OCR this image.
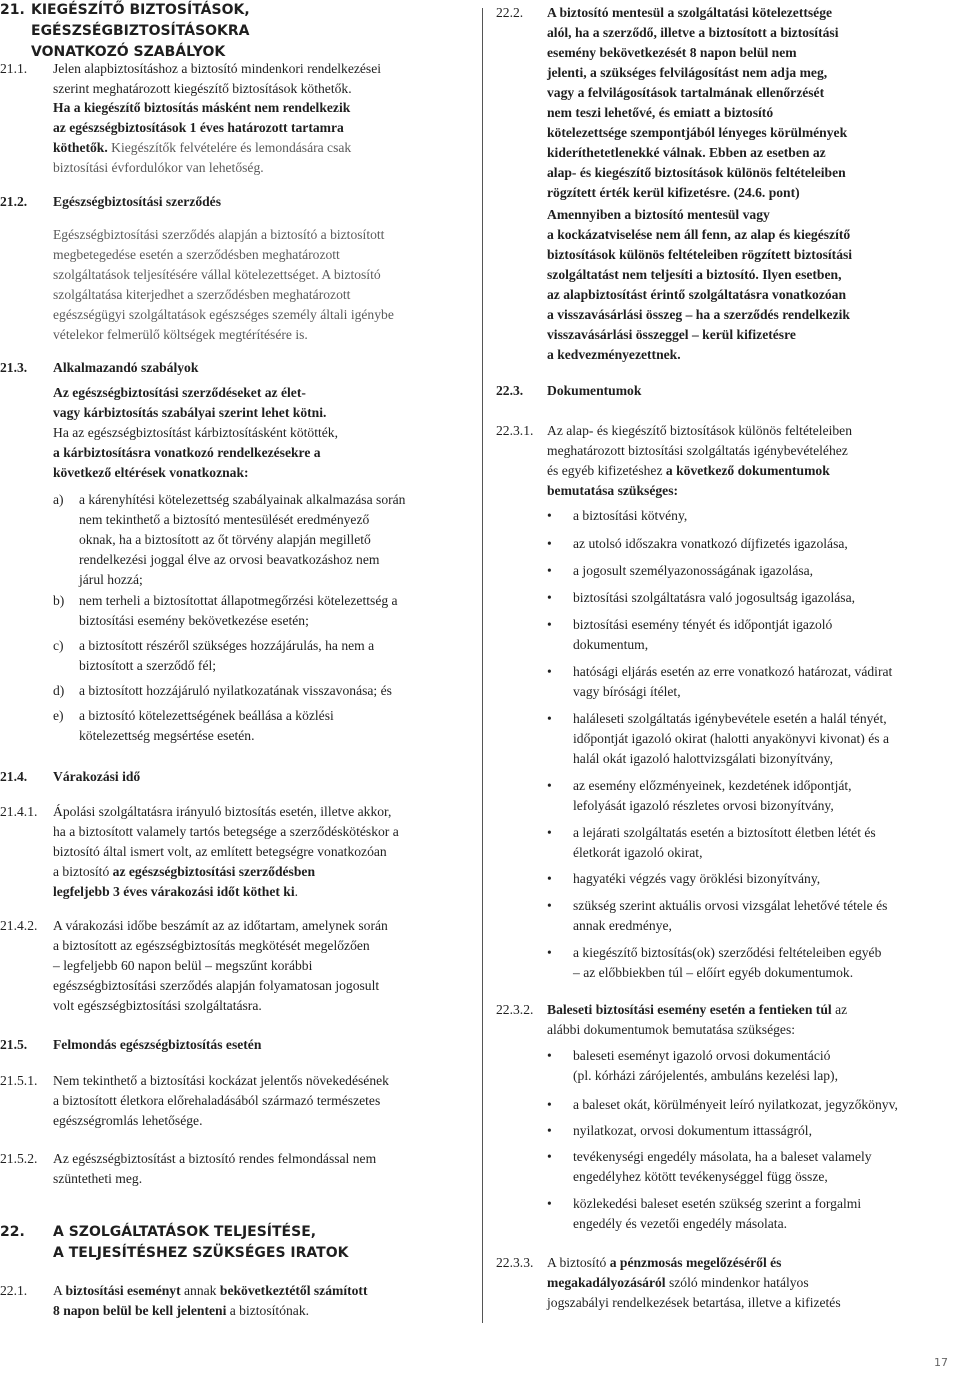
21. KIEGÉSZÍTŐ BIZTOSÍTÁSOK, EGÉSZSÉGBIZTOSÍTÁSOKRA
VONATKOZÓ SZABÁLYOK
21.1. Jelen alapbiztosításhoz a biztosító mindenkori rendelkezései
szerint meghatározott kiegészítő biztosítások köthetők.
Ha a kiegészítő biztosítás másként nem rendelkezik
az egészségbiztosítások 1 éves határozott tartamra
köthetők. Kiegészítők felvételére és lemondására csak
biztosítási évfordulókor van lehetőség.
21.2. Egészségbiztosítási szerződés
Egészségbiztosítási szerződés alapján a biztosító a biztosított
megbetegedése esetén a szerződésben meghatározott
szolgáltatások teljesítésére vállal kötelezettséget. A biztosító
szolgáltatása kiterjedhet a szerződésben meghatározott
egészségügyi szolgáltatások egészséges személy általi igénybe
vételekor felmerülő költségek megtérítésére is.
21.3. Alkalmazandó szabályok
Az egészségbiztosítási szerződéseket az élet-
vagy kárbiztosítás szabályai szerint lehet kötni.
Ha az egészségbiztosítást kárbiztosításként kötötték,
a kárbiztosításra vonatkozó rendelkezésekre a
következő eltérések vonatkoznak:
a) a kárenyhítési kötelezettség szabályainak alkalmazása során
nem tekinthető a biztosító mentesülését eredményező
oknak, ha a biztosított az őt törvény alapján megillető
rendelkezési joggal élve az orvosi beavatkozáshoz nem
járul hozzá;
b) nem terheli a biztosítottat állapotmegőrzési kötelezettség a
biztosítási esemény bekövetkezése esetén;
c) a biztosított részéről szükséges hozzájárulás, ha nem a
biztosított a szerződő fél;
d) a biztosított hozzájáruló nyilatkozatának visszavonása; és
e) a biztosító kötelezettségének beállása a közlési
kötelezettség megsértése esetén.
21.4. Várakozási idő
21.4.1. Ápolási szolgáltatásra irányuló biztosítás esetén, illetve akkor,
ha a biztosított valamely tartós betegsége a szerződéskötéskor a
biztosító által ismert volt, az említett betegségre vonatkozóan
a biztosító az egészségbiztosítási szerződésben
legfeljebb 3 éves várakozási időt köthet ki.
21.4.2. A várakozási időbe beszámít az az időtartam, amelynek során
a biztosított az egészségbiztosítás megkötését megelőzően
– legfeljebb 60 napon belül – megszűnt korábbi
egészségbiztosítási szerződés alapján folyamatosan jogosult
volt egészségbiztosítási szolgáltatásra.
21.5. Felmondás egészségbiztosítás esetén
21.5.1. Nem tekinthető a biztosítási kockázat jelentős növekedésének
a biztosított életkora előrehaladásából származó természetes
egészségromlás lehetősége.
21.5.2. Az egészségbiztosítást a biztosító rendes felmondással nem
szüntetheti meg.
22. A SZOLGÁLTATÁSOK TELJESÍTÉSE,
A TELJESÍTÉSHEZ SZÜKSÉGES IRATOK
22.1. A biztosítási eseményt annak bekövetkeztétől számított
8 napon belül be kell jelenteni a biztosítónak.
22.2. A biztosító mentesül a szolgáltatási kötelezettsége
alól, ha a szerződő, illetve a biztosított a biztosítási
esemény bekövetkezését 8 napon belül nem
jelenti, a szükséges felvilágosítást nem adja meg,
vagy a felvilágosítások tartalmának ellenőrzését
nem teszi lehetővé, és emiatt a biztosító
kötelezettsége szempontjából lényeges körülmények
kideríthetetlenekké válnak. Ebben az esetben az
alap- és kiegészítő biztosítások különös feltételeiben
rögzített érték kerül kifizetésre. (24.6. pont)
Amennyiben a biztosító mentesül vagy
a kockázatviselése nem áll fenn, az alap és kiegészítő
biztosítások különös feltételeiben rögzített biztosítási
szolgáltatást nem teljesíti a biztosító. Ilyen esetben,
az alapbiztosítást érintő szolgáltatásra vonatkozóan
a visszavásárlási összeg – ha a szerződés rendelkezik
visszavásárlási összeggel – kerül kifizetésre
a kedvezményezettnek.
22.3. Dokumentumok
22.3.1. Az alap- és kiegészítő biztosítások különös feltételeiben
meghatározott biztosítási szolgáltatás igénybevételéhez
és egyéb kifizetéshez a következő dokumentumok
bemutatása szükséges:
• a biztosítási kötvény,
• az utolsó időszakra vonatkozó díjfizetés igazolása,
• a jogosult személyazonosságának igazolása,
• biztosítási szolgáltatásra való jogosultság igazolása,
• biztosítási esemény tényét és időpontját igazoló
dokumentum,
• hatósági eljárás esetén az erre vonatkozó határozat, vádirat
vagy bírósági ítélet,
• haláleseti szolgáltatás igénybevétele esetén a halál tényét,
időpontját igazoló okirat (halotti anyakönyvi kivonat) és a
halál okát igazoló halottvizsgálati bizonyítvány,
• az esemény előzményeinek, kezdetének időpontját,
lefolyását igazoló részletes orvosi bizonyítvány,
• a lejárati szolgáltatás esetén a biztosított életben létét és
életkorát igazoló okirat,
• hagyatéki végzés vagy öröklési bizonyítvány,
• szükség szerint aktuális orvosi vizsgálat lehetővé tétele és
annak eredménye,
• a kiegészítő biztosítás(ok) szerződési feltételeiben egyéb
– az előbbiekben túl – előírt egyéb dokumentumok.
22.3.2. Baleseti biztosítási esemény esetén a fentieken túl az
alábbi dokumentumok bemutatása szükséges:
• baleseti eseményt igazoló orvosi dokumentáció
(pl. kórházi zárójelentés, ambuláns kezelési lap),
• a baleset okát, körülményeit leíró nyilatkozat, jegyzőkönyv,
• nyilatkozat, orvosi dokumentum ittasságról,
• tevékenységi engedély másolata, ha a baleset valamely
engedélyhez kötött tevékenységgel függ össze,
• közlekedési baleset esetén szükség szerint a forgalmi
engedély és vezetői engedély másolata.
22.3.3. A biztosító a pénzmosás megelőzéséről és
megakadályozásáról szóló mindenkor hatályos
jogszabályi rendelkezések betartása, illetve a kifizetés
17
